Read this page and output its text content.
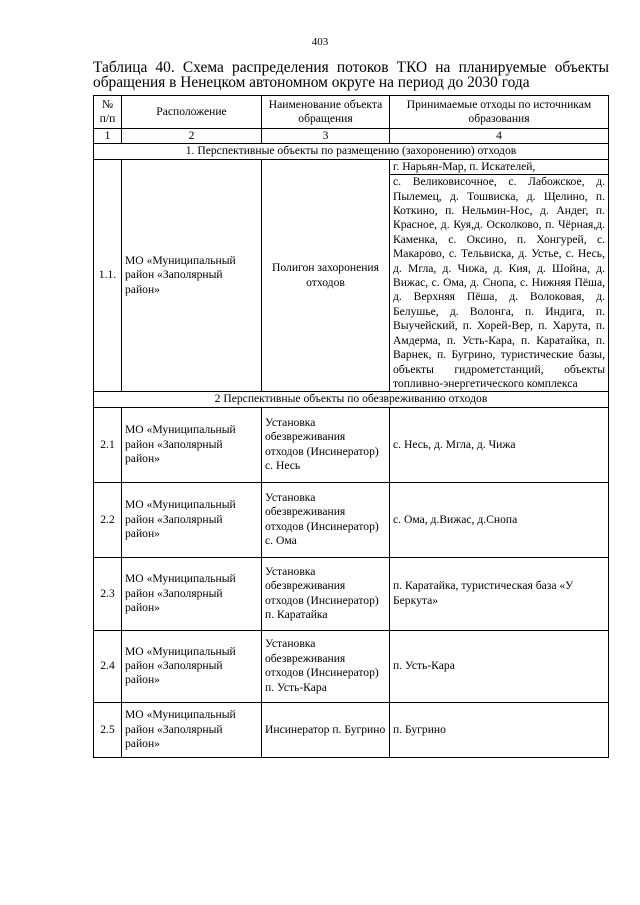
403
Таблица 40. Схема распределения потоков ТКО на планируемые объекты обращения в Ненецком автономном округе на период до 2030 года
№ п/п	Расположение	Наименование объекта обращения	Принимаемые отходы по источникам образования
1	2	3	4
1. Перспективные объекты по размещению (захоронению) отходов			
1.1.	МО «Муниципальный район «Заполярный район»	Полигон захоронения отходов	г. Нарьян-Мар, п. Искателей,
			с. Великовисочное, с. Лабожское, д. Пылемец, д. Тошвиска, д. Щелино, п. Коткино, п. Нельмин-Нос, д. Андег, п. Красное, д. Куя,д. Осколково, п. Чёрная,д. Каменка, с. Оксино, п. Хонгурей, с. Макарово, с. Тельвиска, д. Устье, с. Несь, д. Мгла, д. Чижа, д. Кия, д. Шойна, д. Вижас, с. Ома, д. Снопа, с. Нижняя Пёша, д. Верхняя Пёша, д. Волоковая, д. Белушье, д. Волонга, п. Индига, п. Выучейский, п. Хорей-Вер, п. Харута, п. Амдерма, п. Усть-Кара, п. Каратайка, п. Варнек, п. Бугрино, туристические базы, объекты гидрометстанций, объекты топливно-энергетического комплекса
2 Перспективные объекты по обезвреживанию отходов			
2.1	МО «Муниципальный район «Заполярный район»	Установка обезвреживания отходов (Инсинератор) с. Несь	с. Несь, д. Мгла, д. Чижа
2.2	МО «Муниципальный район «Заполярный район»	Установка обезвреживания отходов (Инсинератор) с. Ома	с. Ома, д.Вижас, д.Снопа
2.3	МО «Муниципальный район «Заполярный район»	Установка обезвреживания отходов (Инсинератор) п. Каратайка	п. Каратайка, туристическая база «У Беркута»
2.4	МО «Муниципальный район «Заполярный район»	Установка обезвреживания отходов (Инсинератор) п. Усть-Кара	п. Усть-Кара
2.5	МО «Муниципальный район «Заполярный район»	Инсинератор п. Бугрино	п. Бугрино
